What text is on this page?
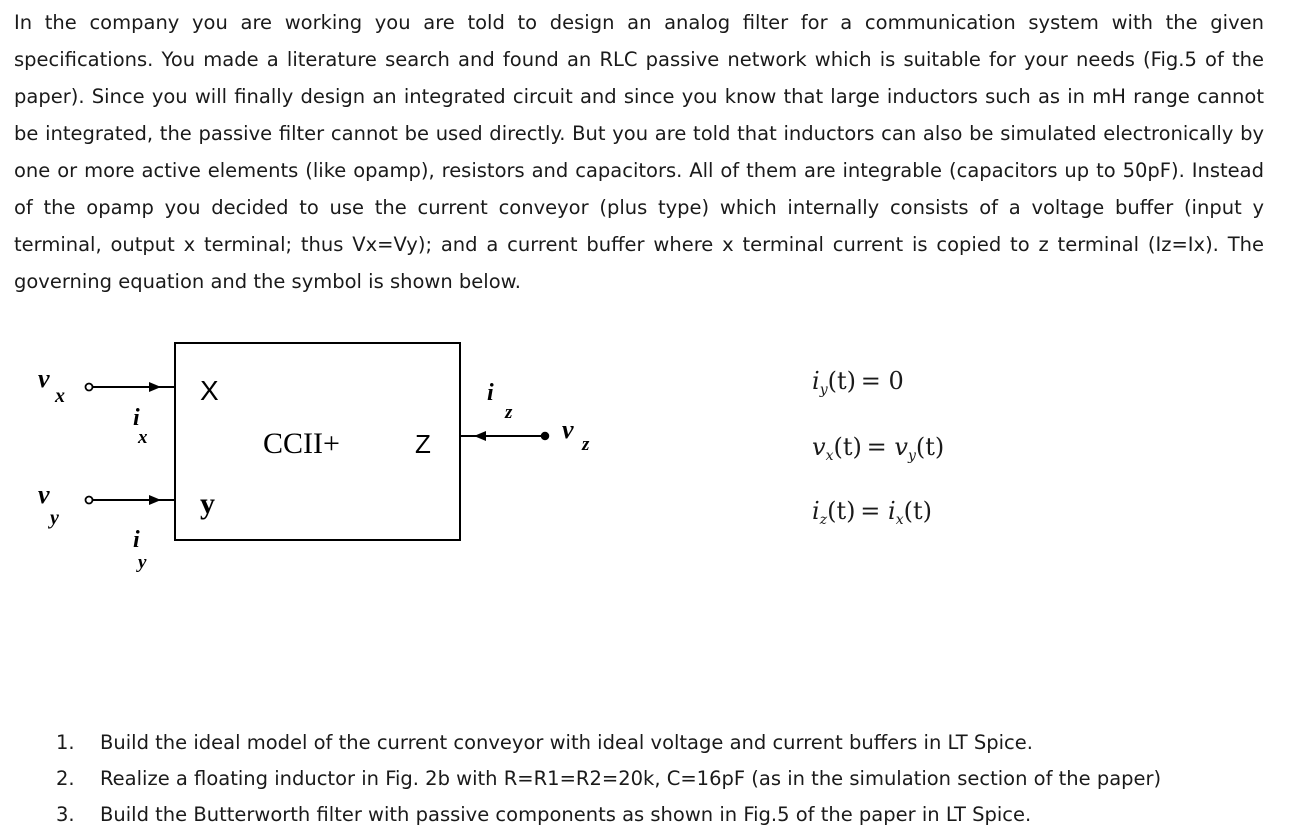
In the company you are working you are told to design an analog filter for a communication system with the given specifications. You made a literature search and found an RLC passive network which is suitable for your needs (Fig.5 of the paper). Since you will finally design an integrated circuit and since you know that large inductors such as in mH range cannot be integrated, the passive filter cannot be used directly. But you are told that inductors can also be simulated electronically by one or more active elements (like opamp), resistors and capacitors. All of them are integrable (capacitors up to 50pF). Instead of the opamp you decided to use the current conveyor (plus type) which internally consists of a voltage buffer (input y terminal, output x terminal; thus Vx=Vy); and a current buffer where x terminal current is copied to z terminal (Iz=Ix). The governing equation and the symbol is shown below.

X
y
Z
CCII+
v
x
v
y
i
x
i
y
i
z
v
z
$i_y(t) = 0$
$v_x(t) = v_y(t)$
$i_z(t) = i_x(t)$
1.	Build the ideal model of the current conveyor with ideal voltage and current buffers in LT Spice.
2.	Realize a floating inductor in Fig. 2b with R=R1=R2=20k, C=16pF (as in the simulation section of the paper)
3.	Build the Butterworth filter with passive components as shown in Fig.5 of the paper in LT Spice.
